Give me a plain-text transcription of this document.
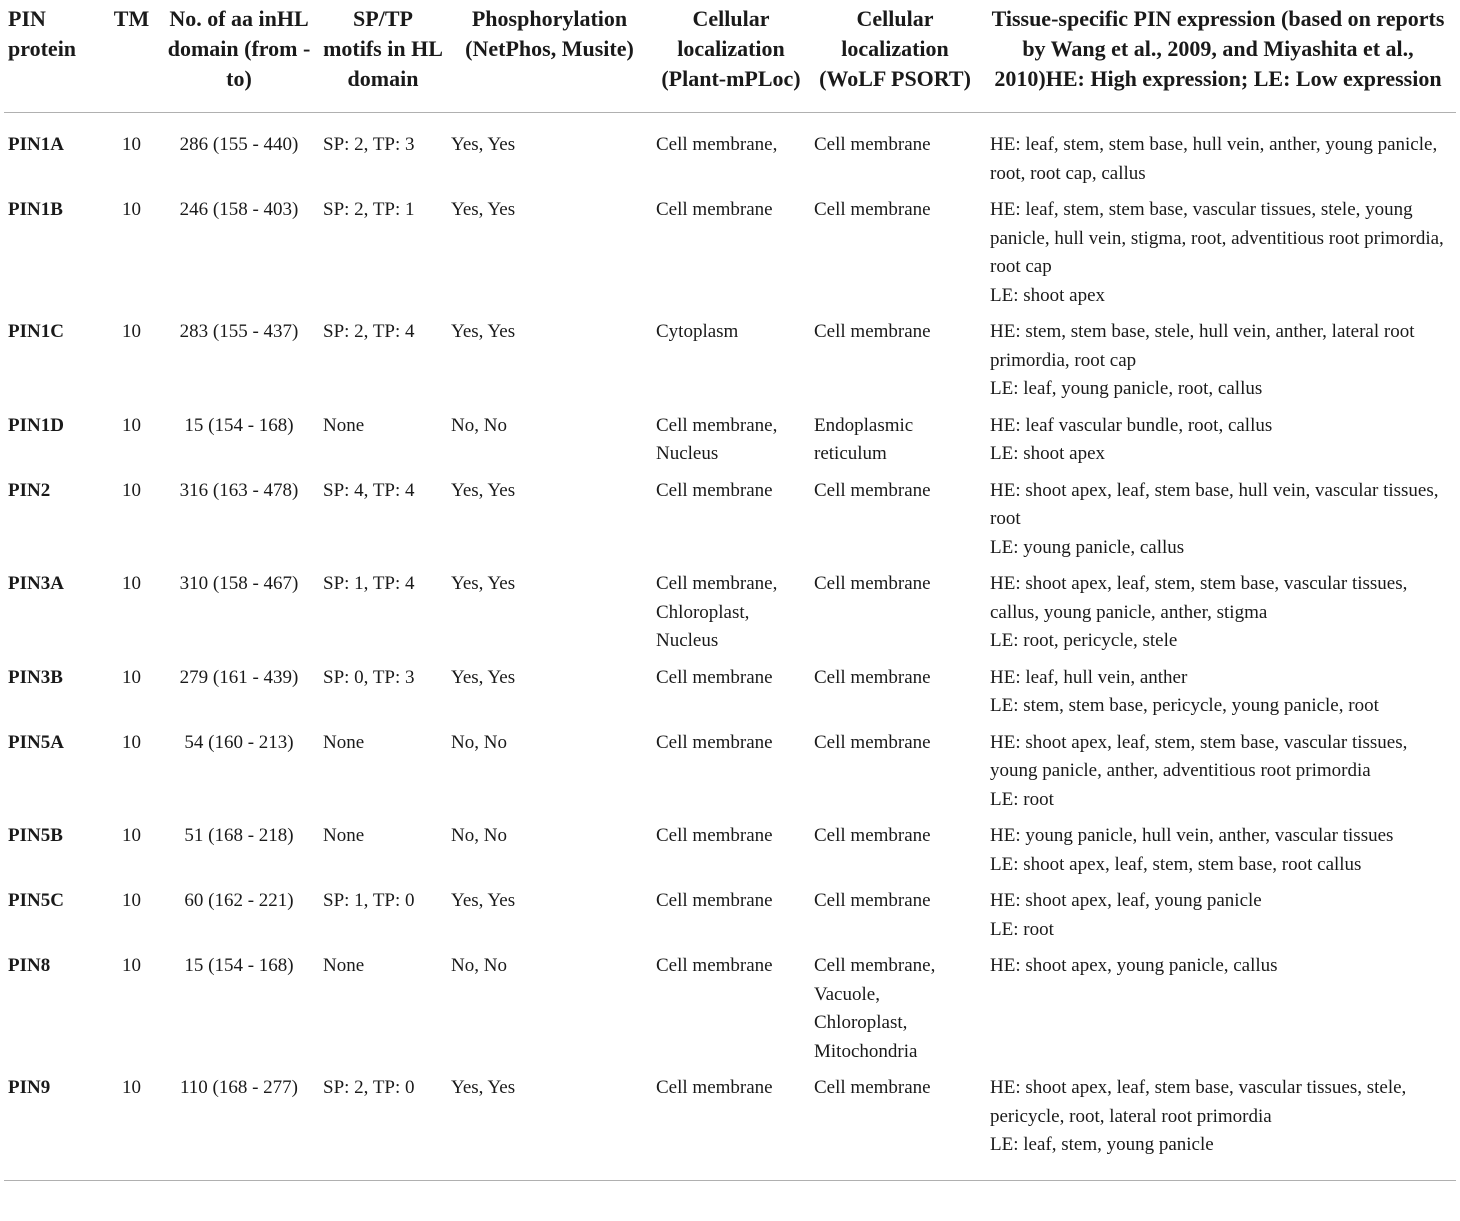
PIN protein	TM	No. of aa inHL domain (from - to)	SP/TP motifs in HL domain	Phosphorylation (NetPhos, Musite)	Cellular localization (Plant-mPLoc)	Cellular localization (WoLF PSORT)	Tissue-specific PIN expression (based on reports by Wang et al., 2009, and Miyashita et al., 2010)HE: High expression; LE: Low expression
PIN1A	10	286 (155 - 440)	SP: 2, TP: 3	Yes, Yes	Cell membrane,	Cell membrane	HE: leaf, stem, stem base, hull vein, anther, young panicle, root, root cap, callus

PIN1B	10	246 (158 - 403)	SP: 2, TP: 1	Yes, Yes	Cell membrane	Cell membrane	HE: leaf, stem, stem base, vascular tissues, stele, young panicle, hull vein, stigma, root, adventitious root primordia, root cap
LE: shoot apex

PIN1C	10	283 (155 - 437)	SP: 2, TP: 4	Yes, Yes	Cytoplasm	Cell membrane	HE: stem, stem base, stele, hull vein, anther, lateral root primordia, root cap
LE: leaf, young panicle, root, callus

PIN1D	10	15 (154 - 168)	None	No, No	Cell membrane, Nucleus	Endoplasmic reticulum	HE: leaf vascular bundle, root, callus
LE: shoot apex

PIN2	10	316 (163 - 478)	SP: 4, TP: 4	Yes, Yes	Cell membrane	Cell membrane	HE: shoot apex, leaf, stem base, hull vein, vascular tissues, root
LE: young panicle, callus

PIN3A	10	310 (158 - 467)	SP: 1, TP: 4	Yes, Yes	Cell membrane, Chloroplast, Nucleus	Cell membrane	HE: shoot apex, leaf, stem, stem base, vascular tissues, callus, young panicle, anther, stigma
LE: root, pericycle, stele

PIN3B	10	279 (161 - 439)	SP: 0, TP: 3	Yes, Yes	Cell membrane	Cell membrane	HE: leaf, hull vein, anther
LE: stem, stem base, pericycle, young panicle, root

PIN5A	10	54 (160 - 213)	None	No, No	Cell membrane	Cell membrane	HE: shoot apex, leaf, stem, stem base, vascular tissues, young panicle, anther, adventitious root primordia
LE: root

PIN5B	10	51 (168 - 218)	None	No, No	Cell membrane	Cell membrane	HE: young panicle, hull vein, anther, vascular tissues
LE: shoot apex, leaf, stem, stem base, root callus

PIN5C	10	60 (162 - 221)	SP: 1, TP: 0	Yes, Yes	Cell membrane	Cell membrane	HE: shoot apex, leaf, young panicle
LE: root

PIN8	10	15 (154 - 168)	None	No, No	Cell membrane	Cell membrane, Vacuole, Chloroplast, Mitochondria	HE: shoot apex, young panicle, callus

PIN9	10	110 (168 - 277)	SP: 2, TP: 0	Yes, Yes	Cell membrane	Cell membrane	HE: shoot apex, leaf, stem base, vascular tissues, stele, pericycle, root, lateral root primordia
LE: leaf, stem, young panicle
